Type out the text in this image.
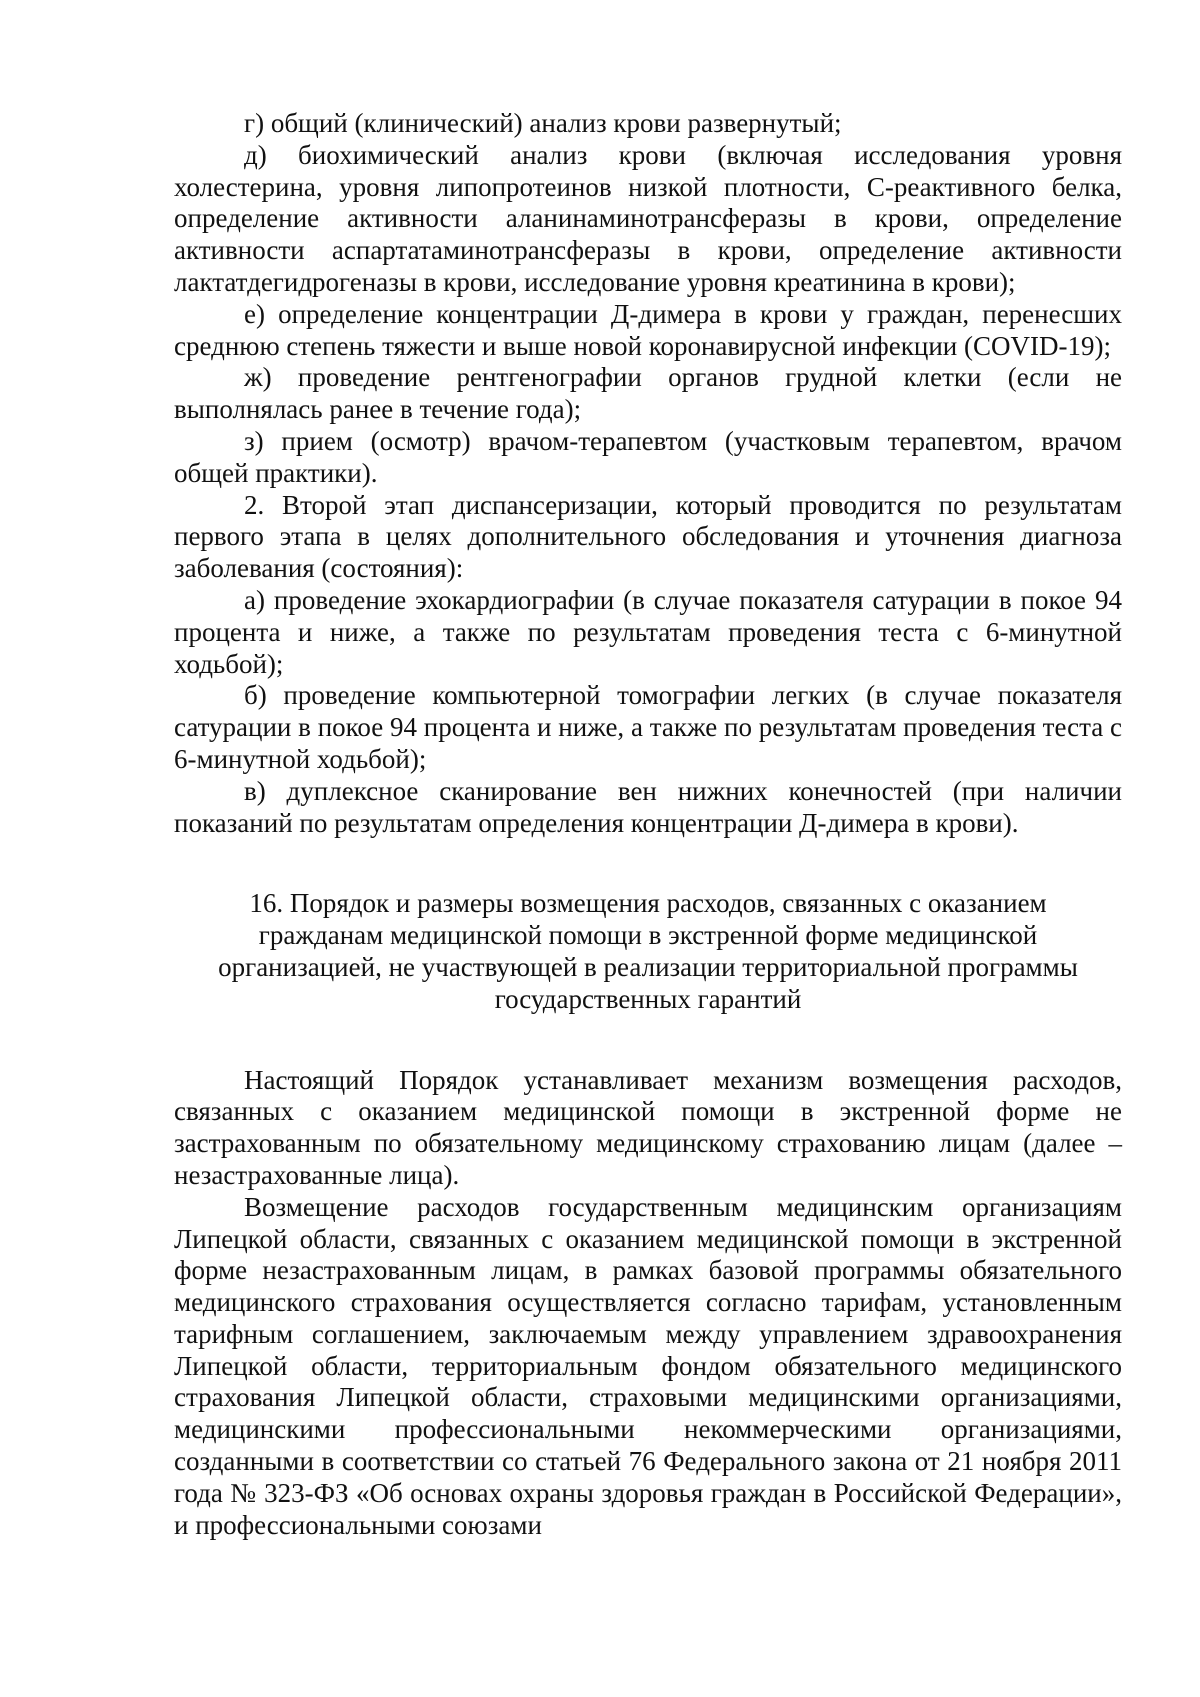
г) общий (клинический) анализ крови развернутый;

д) биохимический анализ крови (включая исследования уровня холестерина, уровня липопротеинов низкой плотности, С-реактивного белка, определение активности аланинаминотрансферазы в крови, определение активности аспартатаминотрансферазы в крови, определение активности лактатдегидрогеназы в крови, исследование уровня креатинина в крови);

е) определение концентрации Д-димера в крови у граждан, перенесших среднюю степень тяжести и выше новой коронавирусной инфекции (COVID-19);

ж) проведение рентгенографии органов грудной клетки (если не выполнялась ранее в течение года);

з) прием (осмотр) врачом-терапевтом (участковым терапевтом, врачом общей практики).

2. Второй этап диспансеризации, который проводится по результатам первого этапа в целях дополнительного обследования и уточнения диагноза заболевания (состояния):

а) проведение эхокардиографии (в случае показателя сатурации в покое 94 процента и ниже, а также по результатам проведения теста с 6-минутной ходьбой);

б) проведение компьютерной томографии легких (в случае показателя сатурации в покое 94 процента и ниже, а также по результатам проведения теста с 6-минутной ходьбой);

в) дуплексное сканирование вен нижних конечностей (при наличии показаний по результатам определения концентрации Д-димера в крови).

16. Порядок и размеры возмещения расходов, связанных с оказанием
гражданам медицинской помощи в экстренной форме медицинской
организацией, не участвующей в реализации территориальной программы
государственных гарантий

Настоящий Порядок устанавливает механизм возмещения расходов, связанных с оказанием медицинской помощи в экстренной форме не застрахованным по обязательному медицинскому страхованию лицам (далее – незастрахованные лица).

Возмещение расходов государственным медицинским организациям Липецкой области, связанных с оказанием медицинской помощи в экстренной форме незастрахованным лицам, в рамках базовой программы обязательного медицинского страхования осуществляется согласно тарифам, установленным тарифным соглашением, заключаемым между управлением здравоохранения Липецкой области, территориальным фондом обязательного медицинского страхования Липецкой области, страховыми медицинскими организациями, медицинскими профессиональными некоммерческими организациями, созданными в соответствии со статьей 76 Федерального закона от 21 ноября 2011 года № 323-ФЗ «Об основах охраны здоровья граждан в Российской Федерации», и профессиональными союзами
